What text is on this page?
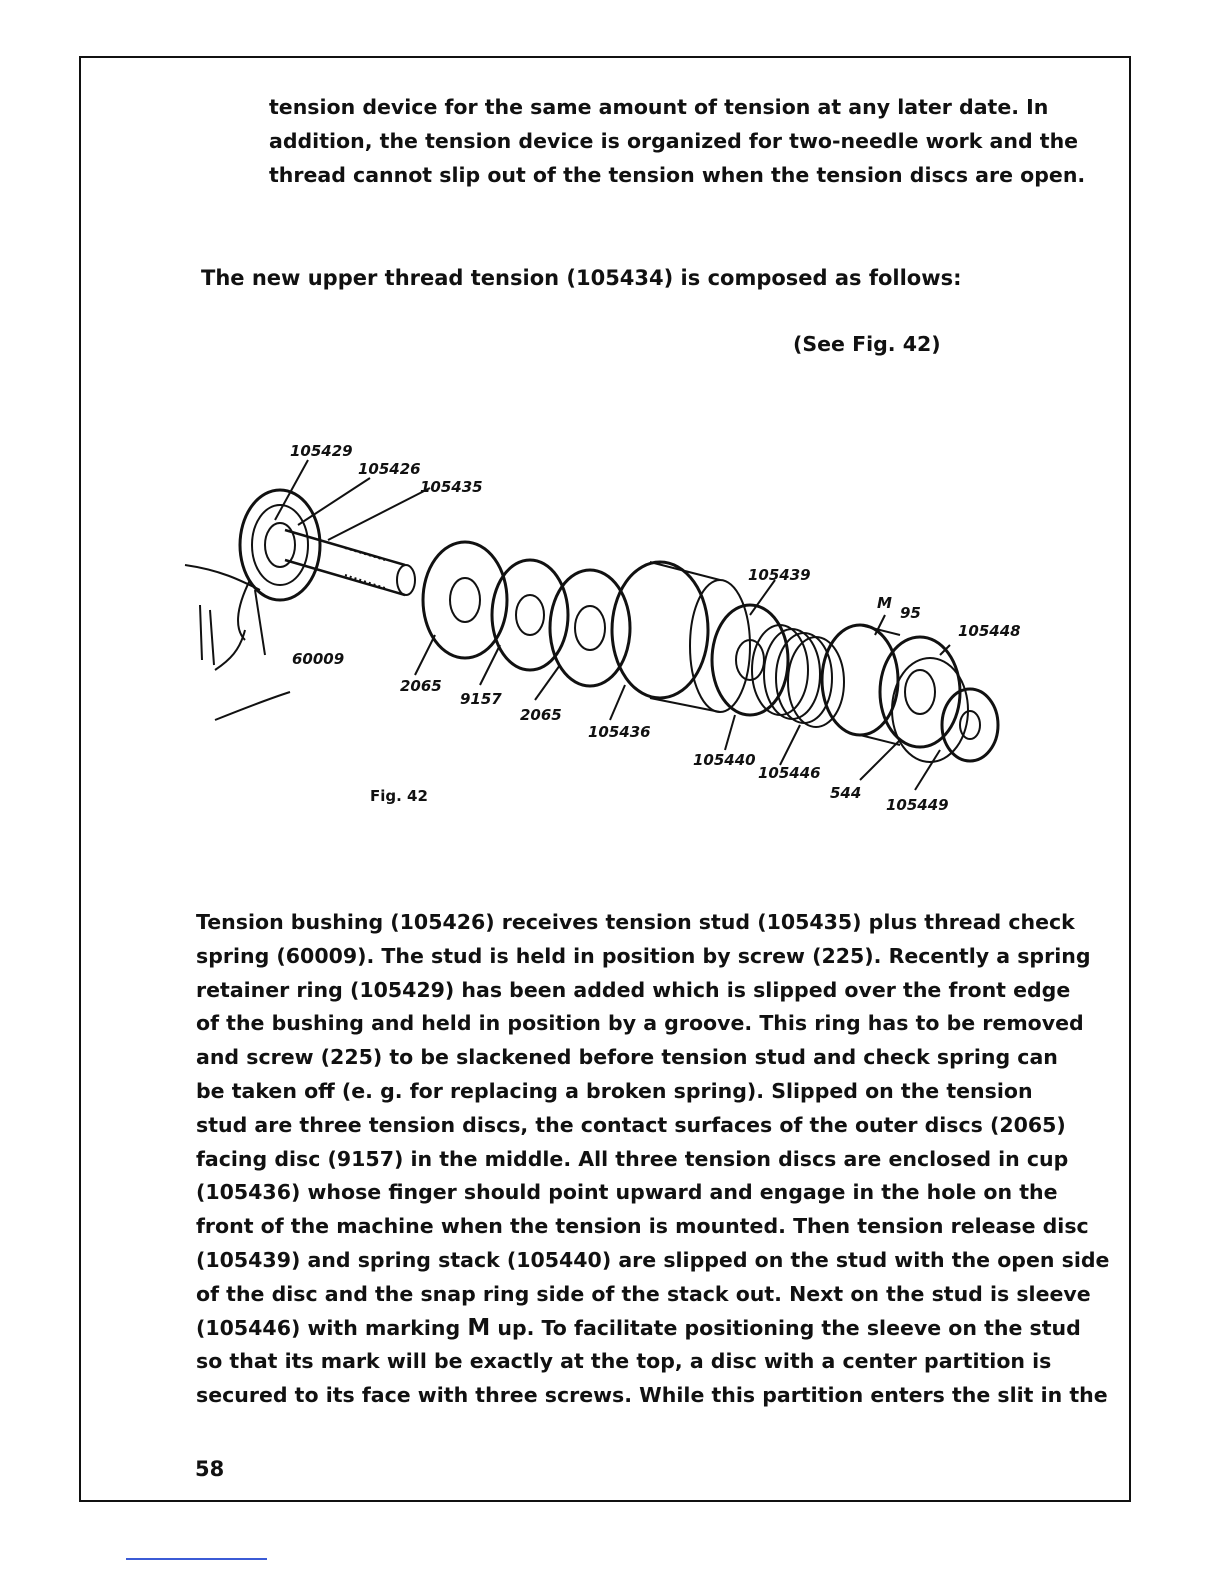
tension device for the same amount of tension at any later date. In
addition, the tension device is organized for two-needle work and the
thread cannot slip out of the tension when the tension discs are open.
The new upper thread tension (105434) is composed as follows:
(See Fig. 42)
105429
105426
105435
60009
2065
9157
2065
105436
105439
M
95
105448
105440
105446
544
105449
Fig. 42
Tension bushing (105426) receives tension stud (105435) plus thread check
spring (60009). The stud is held in position by screw (225). Recently a spring
retainer ring (105429) has been added which is slipped over the front edge
of the bushing and held in position by a groove. This ring has to be removed
and screw (225) to be slackened before tension stud and check spring can
be taken off (e. g. for replacing a broken spring). Slipped on the tension
stud are three tension discs, the contact surfaces of the outer discs (2065)
facing disc (9157) in the middle. All three tension discs are enclosed in cup
(105436) whose finger should point upward and engage in the hole on the
front of the machine when the tension is mounted. Then tension release disc
(105439) and spring stack (105440) are slipped on the stud with the open side
of the disc and the snap ring side of the stack out. Next on the stud is sleeve
(105446) with marking M up. To facilitate positioning the sleeve on the stud
so that its mark will be exactly at the top, a disc with a center partition is
secured to its face with three screws. While this partition enters the slit in the
58
